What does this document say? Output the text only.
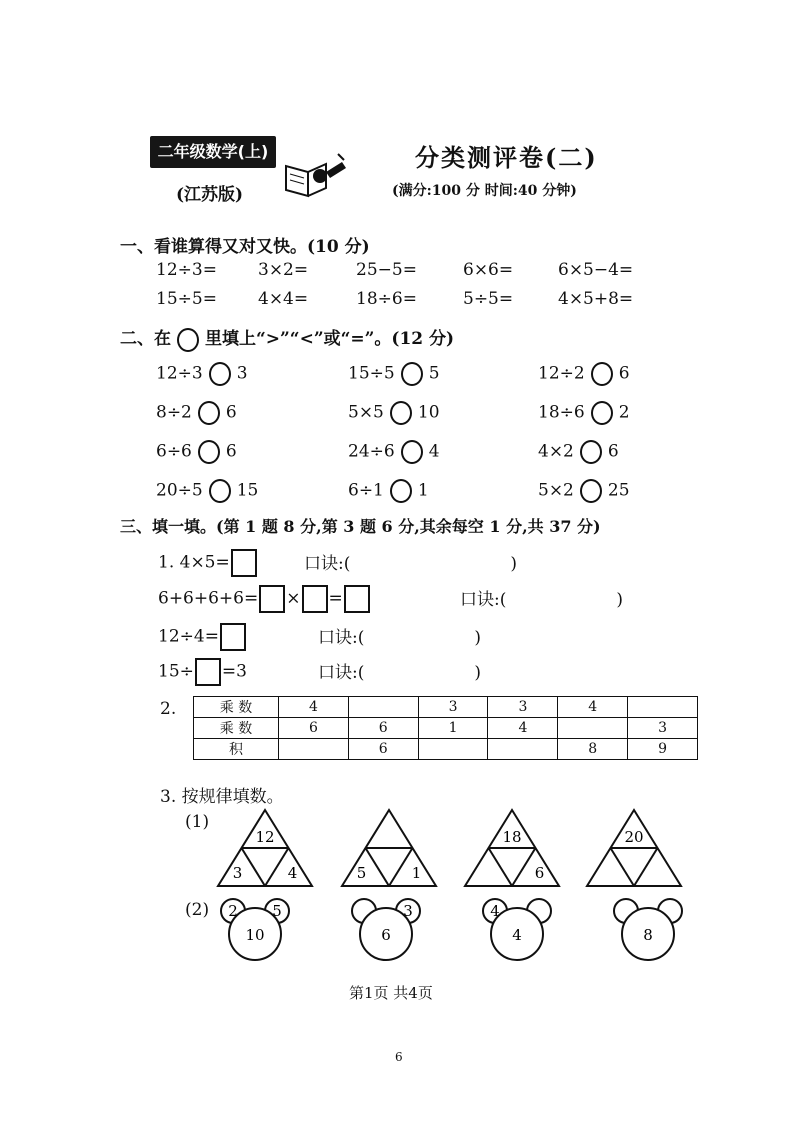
二年级数学(上)
(江苏版)
分类测评卷(二)
(满分:100 分 时间:40 分钟)
一、看谁算得又对又快。(10 分)
12÷3= 3×2=	25−5=	6×6=	6×5−4=
15÷5= 4×4=	18÷6=	5÷5=	4×5+8=
二、在 里填上“>”“<”或“=”。(12 分)
12÷3 3	15÷5 5	12÷2 6
8÷2 6	5×5 10	18÷6 2
6÷6 6	24÷6 4	4×2 6
20÷5 15	6÷1 1	5×2 25
三、填一填。(第 1 题 8 分,第 3 题 6 分,其余每空 1 分,共 37 分)
1. 4×5=	口诀:(	)
6+6+6+6= × =	口诀:(	)
12÷4=	口诀:(	)
15÷ =3	口诀:(	)
2.	乘 数	4		3	3	4	
乘 数	6	6	1	4		3
积		6			8	9
3. 按规律填数。
(1)
(2)
12
3	4	5	1
18
6
20
2 5
10
3
6
4
4	8
第1页 共4页
6
